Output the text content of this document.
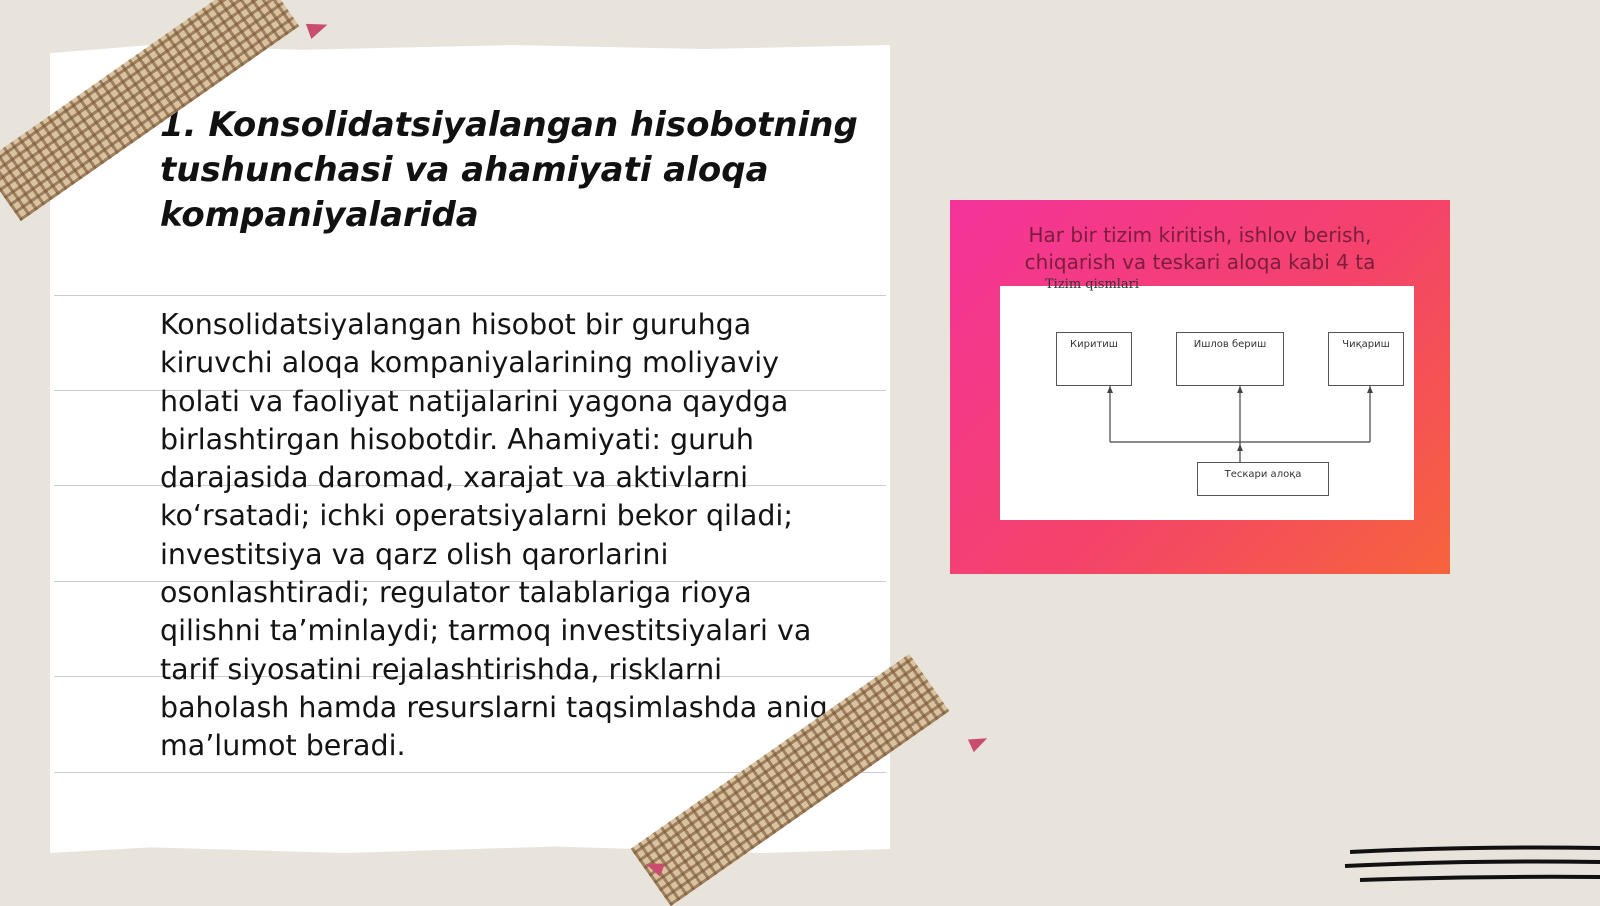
1. Konsolidatsiyalangan hisobotning tushunchasi va ahamiyati aloqa kompaniyalarida

Konsolidatsiyalangan hisobot bir guruhga kiruvchi aloqa kompaniyalarining moliyaviy holati va faoliyat natijalarini yagona qaydga birlashtirgan hisobotdir. Ahamiyati: guruh darajasida daromad, xarajat va aktivlarni ko‘rsatadi; ichki operatsiyalarni bekor qiladi; investitsiya va qarz olish qarorlarini osonlashtiradi; regulator talablariga rioya qilishni ta’minlaydi; tarmoq investitsiyalari va tarif siyosatini rejalashtirishda, risklarni baholash hamda resurslarni taqsimlashda aniq ma’lumot beradi.

Har bir tizim kiritish, ishlov berish, chiqarish va teskari aloqa kabi 4 ta

Tizim qismlari
Киритиш	Ишлов бериш	Чиқариш
Тескари алоқа
